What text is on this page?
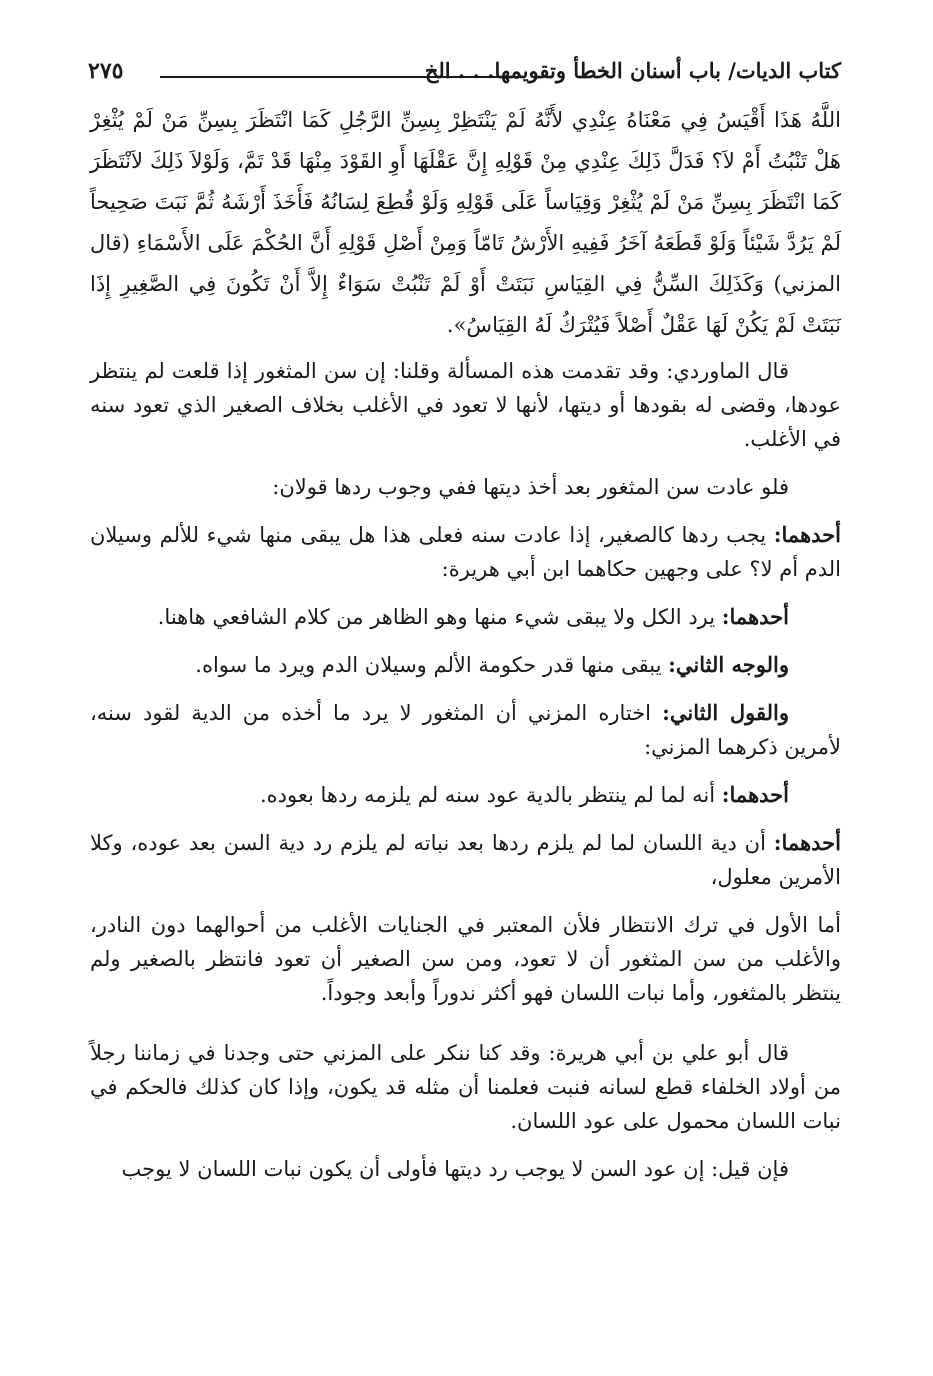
كتاب الديات/ باب أسنان الخطأ وتقويمها. . . الخ
٢٧٥

اللَّهُ هَذَا أَقْيَسُ فِي مَعْنَاهُ عِنْدِي لأَنَّهُ لَمْ يَنْتَظِرْ بِسِنِّ الرَّجُلِ كَمَا انْتَظَرَ بِسِنِّ مَنْ لَمْ يُثْغِرْ هَلْ تَنْبُتُ أَمْ لاَ؟ فَدَلَّ ذَلِكَ عِنْدِي مِنْ قَوْلِهِ إِنَّ عَقْلَهَا أَوِ القَوْدَ مِنْهَا قَدْ تَمَّ، وَلَوْلاَ ذَلِكَ لاَنْتَظَرَ كَمَا انْتَظَرَ بِسِنِّ مَنْ لَمْ يُثْغِرْ وَقِيَاساً عَلَى قَوْلِهِ وَلَوْ قُطِعَ لِسَانُهُ فَأَخَذَ أَرْشَهُ ثُمَّ نَبَتَ صَحِيحاً لَمْ يَرُدَّ شَيْئاً وَلَوْ قَطَعَهُ آخَرُ فَفِيهِ الأَرْشُ تَامّاً وَمِنْ أَصْلِ قَوْلِهِ أَنَّ الحُكْمَ عَلَى الأَسْمَاءِ (قال المزني) وَكَذَلِكَ السِّنُّ فِي القِيَاسِ نَبَتَتْ أَوْ لَمْ تَنْبُتْ سَوَاءٌ إِلاَّ أَنْ تَكُونَ فِي الصَّغِيرِ إِذَا نَبَتَتْ لَمْ يَكُنْ لَهَا عَقْلٌ أَصْلاً فَيُتْرَكُ لَهُ القِيَاسُ».

قال الماوردي: وقد تقدمت هذه المسألة وقلنا: إن سن المثغور إذا قلعت لم ينتظر عودها، وقضى له بقودها أو ديتها، لأنها لا تعود في الأغلب بخلاف الصغير الذي تعود سنه في الأغلب.

فلو عادت سن المثغور بعد أخذ ديتها ففي وجوب ردها قولان:

أحدهما: يجب ردها كالصغير، إذا عادت سنه فعلى هذا هل يبقى منها شيء للألم وسيلان الدم أم لا؟ على وجهين حكاهما ابن أبي هريرة:

أحدهما: يرد الكل ولا يبقى شيء منها وهو الظاهر من كلام الشافعي هاهنا.

والوجه الثاني: يبقى منها قدر حكومة الألم وسيلان الدم ويرد ما سواه.

والقول الثاني: اختاره المزني أن المثغور لا يرد ما أخذه من الدية لقود سنه، لأمرين ذكرهما المزني:

أحدهما: أنه لما لم ينتظر بالدية عود سنه لم يلزمه ردها بعوده.

أحدهما: أن دية اللسان لما لم يلزم ردها بعد نباته لم يلزم رد دية السن بعد عوده، وكلا الأمرين معلول،

أما الأول في ترك الانتظار فلأن المعتبر في الجنايات الأغلب من أحوالهما دون النادر، والأغلب من سن المثغور أن لا تعود، ومن سن الصغير أن تعود فانتظر بالصغير ولم ينتظر بالمثغور، وأما نبات اللسان فهو أكثر ندوراً وأبعد وجوداً.

قال أبو علي بن أبي هريرة: وقد كنا ننكر على المزني حتى وجدنا في زماننا رجلاً من أولاد الخلفاء قطع لسانه فنبت فعلمنا أن مثله قد يكون، وإذا كان كذلك فالحكم في نبات اللسان محمول على عود اللسان.

فإن قيل: إن عود السن لا يوجب رد ديتها فأولى أن يكون نبات اللسان لا يوجب
